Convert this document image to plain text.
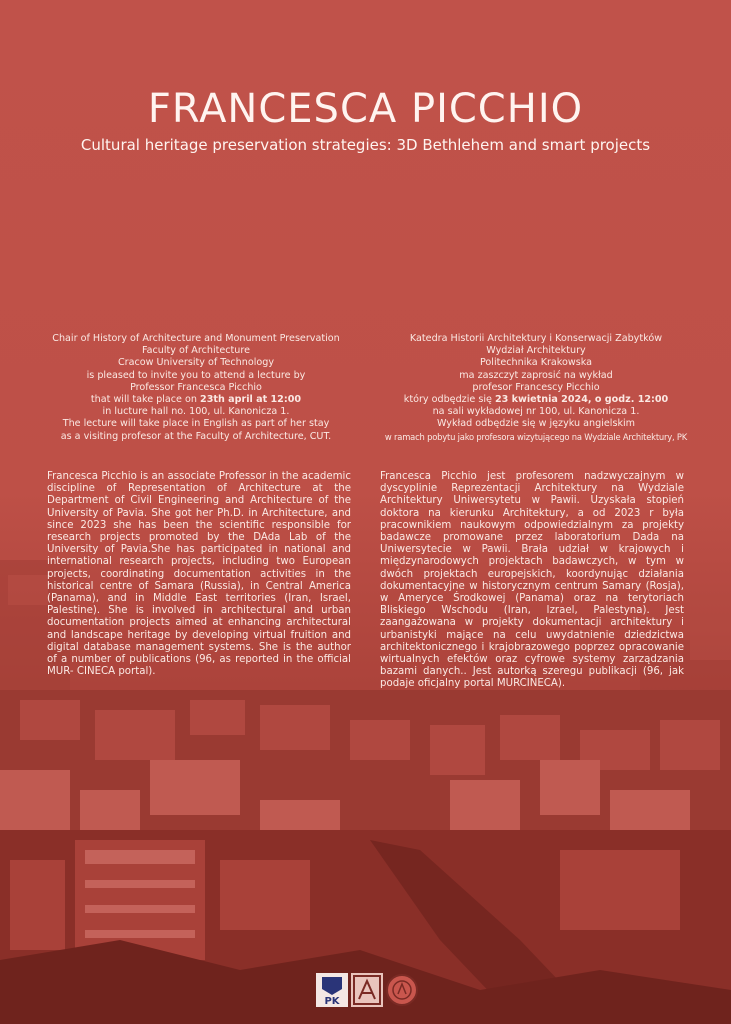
FRANCESCA PICCHIO
Cultural heritage preservation strategies: 3D Bethlehem and smart projects
Chair of History of Architecture and Monument Preservation
Faculty of Architecture
Cracow University of Technology
is pleased to invite you to attend a lecture by
Professor Francesca Picchio
that will take place on 23th april at 12:00
in lucture hall no. 100, ul. Kanonicza 1.
The lecture will take place in English as part of her stay
as a visiting profesor at the Faculty of Architecture, CUT.
Katedra Historii Architektury i Konserwacji Zabytków
Wydział Architektury
Politechnika Krakowska
ma zaszczyt zaprosić na wykład
profesor Francescy Picchio
który odbędzie się 23 kwietnia 2024, o godz. 12:00
na sali wykładowej nr 100, ul. Kanonicza 1.
Wykład odbędzie się w języku angielskim
w ramach pobytu jako profesora wizytującego na Wydziale Architektury, PK
Francesca Picchio is an associate Professor in the academic discipline of Representation of Architecture at the Department of Civil Engineering and Architecture of the University of Pavia. She got her Ph.D. in Architecture, and since 2023 she has been the scientific responsible for research projects promoted by the DAda Lab of the University of Pavia.She has participated in national and international research projects, including two European projects, coordinating documentation activities in the historical centre of Samara (Russia), in Central America (Panama), and in Middle East territories (Iran, Israel, Palestine). She is involved in architectural and urban documentation projects aimed at enhancing architectural and landscape heritage by developing virtual fruition and digital database management systems. She is the author of a number of publications (96, as reported in the official MUR- CINECA portal).
Francesca Picchio jest profesorem nadzwyczajnym w dyscyplinie Reprezentacji Architektury na Wydziale Architektury Uniwersytetu w Pawii. Uzyskała stopień doktora na kierunku Architektury, a od 2023 r była pracownikiem naukowym odpowiedzialnym za projekty badawcze promowane przez laboratorium Dada na Uniwersytecie w Pawii. Brała udział w krajowych i międzynarodowych projektach badawczych, w tym w dwóch projektach europejskich, koordynując działania dokumentacyjne w historycznym centrum Samary (Rosja), w Ameryce Środkowej (Panama) oraz na terytoriach Bliskiego Wschodu (Iran, Izrael, Palestyna). Jest zaangażowana w projekty dokumentacji architektury i urbanistyki mające na celu uwydatnienie dziedzictwa architektonicznego i krajobrazowego poprzez opracowanie wirtualnych efektów oraz cyfrowe systemy zarządzania bazami danych.. Jest autorką szeregu publikacji (96, jak podaje oficjalny portal MURCINECA).
PK
